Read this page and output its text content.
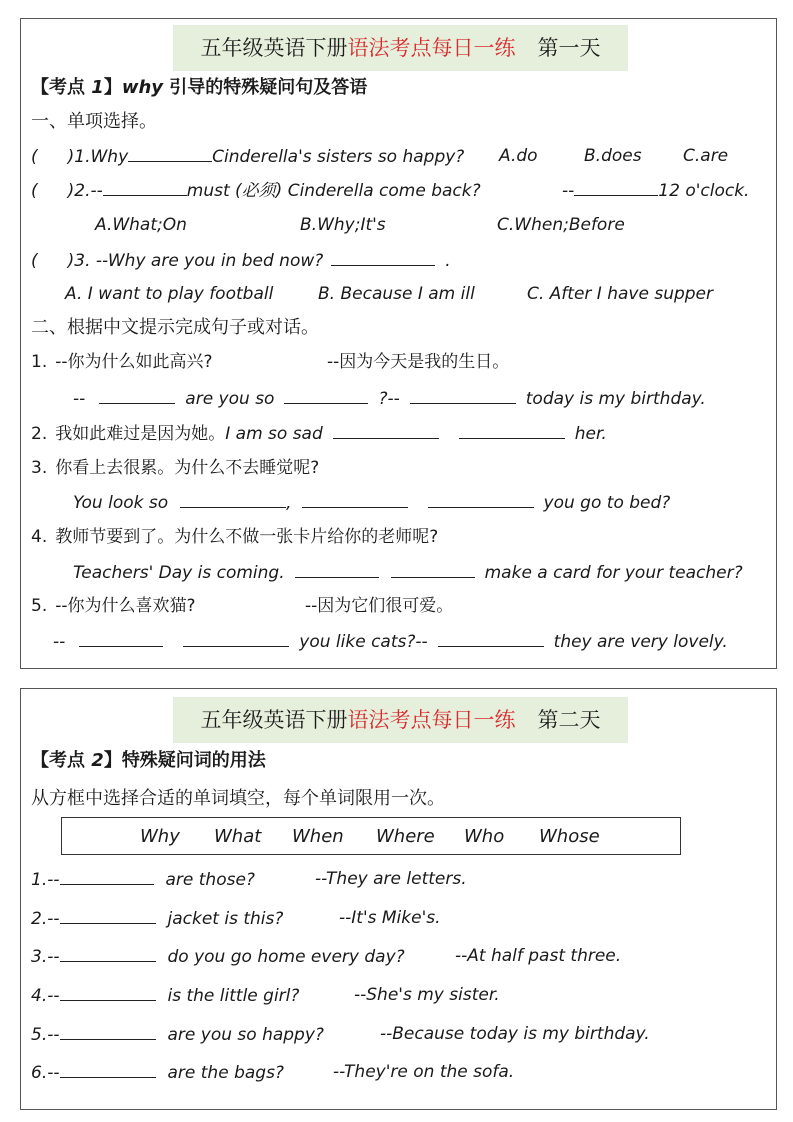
五年级英语下册语法考点每日一练 第一天
【考点 1】why 引导的特殊疑问句及答语
一、单项选择。
( )1.Why	Cinderella's sisters so happy? A.do	B.does C.are
( )2.--	must (必须) Cinderella come back?	--	12 o'clock.
A.What;On	B.Why;It's	C.When;Before
( )3. --Why are you in bed now?	.
A. I want to play football	B. Because I am ill	C. After I have supper
二、根据中文提示完成句子或对话。
1. --你为什么如此高兴?	--因为今天是我的生日。
--	are you so	?--	today is my birthday.
2. 我如此难过是因为她。I am so sad	her.
3. 你看上去很累。为什么不去睡觉呢?
You look so	,	you go to bed?
4. 教师节要到了。为什么不做一张卡片给你的老师呢?
Teachers' Day is coming.	make a card for your teacher?
5. --你为什么喜欢猫?	--因为它们很可爱。
--	you like cats?--	they are very lovely.
五年级英语下册语法考点每日一练 第二天
【考点 2】特殊疑问词的用法
从方框中选择合适的单词填空，每个单词限用一次。
Why What When Where Who Whose
1.--	are those?	--They are letters.
2.--	jacket is this?	--It's Mike's.
3.--	do you go home every day?	--At half past three.
4.--	is the little girl?	--She's my sister.
5.--	are you so happy?	--Because today is my birthday.
6.--	are the bags?	--They're on the sofa.
